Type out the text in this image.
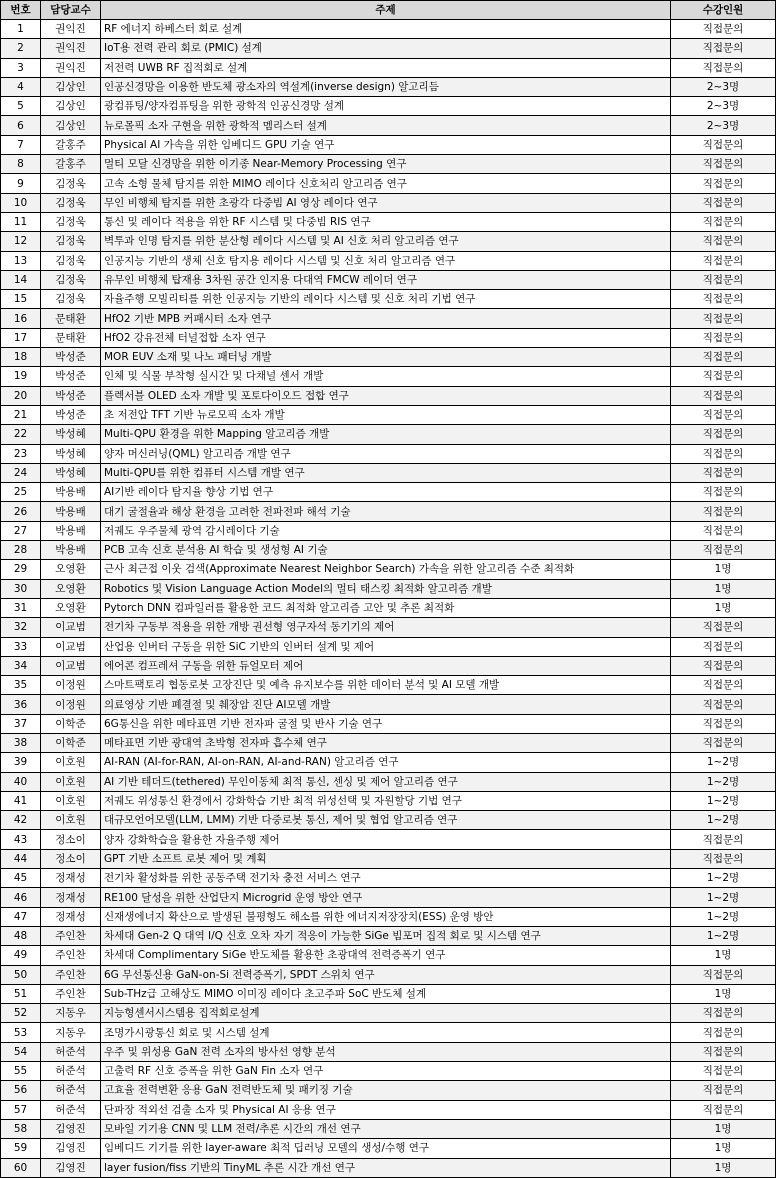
번호	담당교수	주제	수강인원
1	권익진	RF 에너지 하베스터 회로 설계	직접문의
2	권익진	IoT용 전력 관리 회로 (PMIC) 설계	직접문의
3	권익진	저전력 UWB RF 집적회로 설계	직접문의
4	김상인	인공신경망을 이용한 반도체 광소자의 역설계(inverse design) 알고리듬	2~3명
5	김상인	광컴퓨팅/양자컴퓨팅을 위한 광학적 인공신경망 설계	2~3명
6	김상인	뉴로몰픽 소자 구현을 위한 광학적 멤리스터 설계	2~3명
7	갈홍주	Physical AI 가속을 위한 임베디드 GPU 기술 연구	직접문의
8	갈홍주	멀티 모달 신경망을 위한 이기종 Near-Memory Processing 연구	직접문의
9	김정욱	고속 소형 물체 탐지를 위한 MIMO 레이다 신호처리 알고리즘 연구	직접문의
10	김정욱	무인 비행체 탐지를 위한 초광각 다중빔 AI 영상 레이다 연구	직접문의
11	김정욱	통신 및 레이다 적용을 위한 RF 시스템 및 다중빔 RIS 연구	직접문의
12	김정욱	벽투과 인명 탐지를 위한 분산형 레이다 시스템 및 AI 신호 처리 알고리즘 연구	직접문의
13	김정욱	인공지능 기반의 생체 신호 탐지용 레이다 시스템 및 신호 처리 알고리즘 연구	직접문의
14	김정욱	유무인 비행체 탑재용 3차원 공간 인지용 다대역 FMCW 레이더 연구	직접문의
15	김정욱	자율주행 모빌리티를 위한 인공지능 기반의 레이다 시스템 및 신호 처리 기법 연구	직접문의
16	문태환	HfO2 기반 MPB 커패시터 소자 연구	직접문의
17	문태환	HfO2 강유전체 터널접합 소자 연구	직접문의
18	박성준	MOR EUV 소재 및 나노 패터닝 개발	직접문의
19	박성준	인체 및 식물 부착형 실시간 및 다채널 센서 개발	직접문의
20	박성준	플렉서블 OLED 소자 개발 및 포토다이오드 접합 연구	직접문의
21	박성준	초 저전압 TFT 기반 뉴로모픽 소자 개발	직접문의
22	박성혜	Multi-QPU 환경을 위한 Mapping 알고리즘 개발	직접문의
23	박성혜	양자 머신러닝(QML) 알고리즘 개발 연구	직접문의
24	박성혜	Multi-QPU를 위한 컴퓨터 시스템 개발 연구	직접문의
25	박용배	AI기반 레이다 탐지율 향상 기법 연구	직접문의
26	박용배	대기 굴절율과 해상 환경을 고려한 전파전파 해석 기술	직접문의
27	박용배	저궤도 우주물체 광역 감시레이다 기술	직접문의
28	박용배	PCB 고속 신호 분석용 AI 학습 및 생성형 AI 기술	직접문의
29	오영환	근사 최근접 이웃 검색(Approximate Nearest Neighbor Search) 가속을 위한 알고리즘 수준 최적화	1명
30	오영환	Robotics 및 Vision Language Action Model의 멀티 태스킹 최적화 알고리즘 개발	1명
31	오영환	Pytorch DNN 컴파일러를 활용한 코드 최적화 알고리즘 고안 및 추론 최적화	1명
32	이교범	전기차 구동부 적용을 위한 개방 권선형 영구자석 동기기의 제어	직접문의
33	이교범	산업용 인버터 구동을 위한 SiC 기반의 인버터 설계 및 제어	직접문의
34	이교범	에어콘 컴프레셔 구동을 위한 듀얼모터 제어	직접문의
35	이정원	스마트팩토리 협동로봇 고장진단 및 예측 유지보수를 위한 데이터 분석 및 AI 모델 개발	직접문의
36	이정원	의료영상 기반 폐결절 및 췌장암 진단 AI모델 개발	직접문의
37	이학준	6G통신을 위한 메타표면 기반 전자파 굴절 및 반사 기술 연구	직접문의
38	이학준	메타표면 기반 광대역 초박형 전자파 흡수체 연구	직접문의
39	이호원	AI-RAN (AI-for-RAN, AI-on-RAN, AI-and-RAN) 알고리즘 연구	1~2명
40	이호원	AI 기반 테더드(tethered) 무인이동체 최적 통신, 센싱 및 제어 알고리즘 연구	1~2명
41	이호원	저궤도 위성통신 환경에서 강화학습 기반 최적 위성선택 및 자원할당 기법 연구	1~2명
42	이호원	대규모언어모델(LLM, LMM) 기반 다중로봇 통신, 제어 및 협업 알고리즘 연구	1~2명
43	정소이	양자 강화학습을 활용한 자율주행 제어	직접문의
44	정소이	GPT 기반 소프트 로봇 제어 및 계획	직접문의
45	정재성	전기차 활성화를 위한 공동주택 전기차 충전 서비스 연구	1~2명
46	정재성	RE100 달성을 위한 산업단지 Microgrid 운영 방안 연구	1~2명
47	정재성	신재생에너지 확산으로 발생된 불평형도 해소를 위한 에너지저장장치(ESS) 운영 방안	1~2명
48	주인찬	차세대 Gen-2 Q 대역 I/Q 신호 오차 자기 적응이 가능한 SiGe 빔포머 집적 회로 및 시스템 연구	1~2명
49	주인찬	차세대 Complimentary SiGe 반도체를 활용한 초광대역 전력증폭기 연구	1명
50	주인찬	6G 무선통신용 GaN-on-Si 전력증폭기, SPDT 스위치 연구	직접문의
51	주인찬	Sub-THz급 고해상도 MIMO 이미징 레이다 초고주파 SoC 반도체 설계	1명
52	지동우	지능형센서시스템용 집적회로설계	직접문의
53	지동우	조명가시광통신 회로 및 시스템 설계	직접문의
54	허준석	우주 및 위성용 GaN 전력 소자의 방사선 영향 분석	직접문의
55	허준석	고출력 RF 신호 증폭을 위한 GaN Fin 소자 연구	직접문의
56	허준석	고효율 전력변환 응용 GaN 전력반도체 및 패키징 기술	직접문의
57	허준석	단파장 적외선 검출 소자 및 Physical AI 응용 연구	직접문의
58	김영진	모바일 기기용 CNN 및 LLM 전력/추론 시간의 개선 연구	1명
59	김영진	임베디드 기기를 위한 layer-aware 최적 딥러닝 모델의 생성/수행 연구	1명
60	김영진	layer fusion/fiss 기반의 TinyML 추론 시간 개선 연구	1명
